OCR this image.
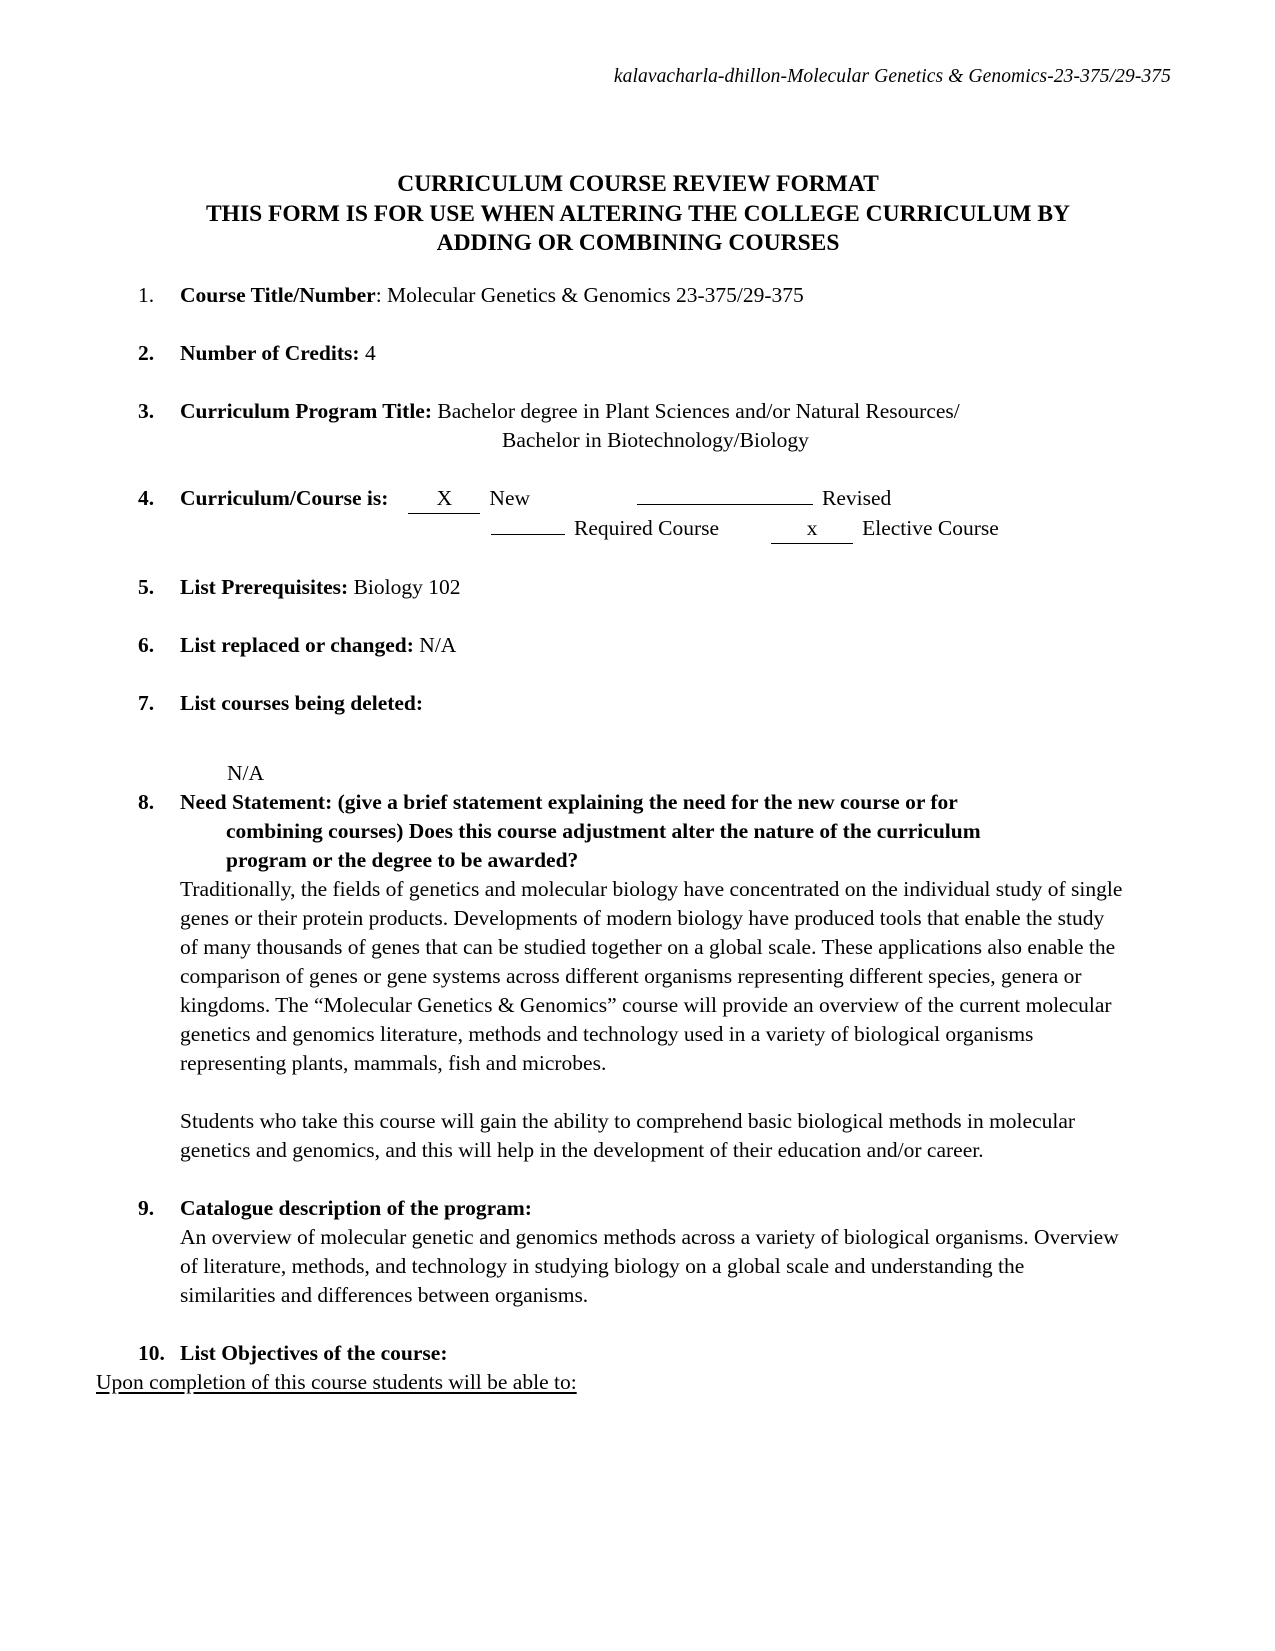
kalavacharla-dhillon-Molecular Genetics & Genomics-23-375/29-375
CURRICULUM COURSE REVIEW FORMAT
THIS FORM IS FOR USE WHEN ALTERING THE COLLEGE CURRICULUM BY
ADDING OR COMBINING COURSES
1.	Course Title/Number: Molecular Genetics & Genomics 23-375/29-375
2.	Number of Credits: 4
3.	Curriculum Program Title: Bachelor degree in Plant Sciences and/or Natural Resources/
Bachelor in Biotechnology/Biology
4.	Curriculum/Course is:	X	New	Revised
Required Course	x	Elective Course
5.	List Prerequisites: Biology 102
6.	List replaced or changed: N/A
7.	List courses being deleted:
N/A
8.	Need Statement: (give a brief statement explaining the need for the new course or for
combining courses) Does this course adjustment alter the nature of the curriculum
program or the degree to be awarded?

Traditionally, the fields of genetics and molecular biology have concentrated on the individual study of single genes or their protein products. Developments of modern biology have produced tools that enable the study of many thousands of genes that can be studied together on a global scale. These applications also enable the comparison of genes or gene systems across different organisms representing different species, genera or kingdoms. The “Molecular Genetics & Genomics” course will provide an overview of the current molecular genetics and genomics literature, methods and technology used in a variety of biological organisms representing plants, mammals, fish and microbes.

Students who take this course will gain the ability to comprehend basic biological methods in molecular genetics and genomics, and this will help in the development of their education and/or career.

9.	Catalogue description of the program:
An overview of molecular genetic and genomics methods across a variety of biological organisms. Overview of literature, methods, and technology in studying biology on a global scale and understanding the similarities and differences between organisms.
10. List Objectives of the course:
Upon completion of this course students will be able to:
